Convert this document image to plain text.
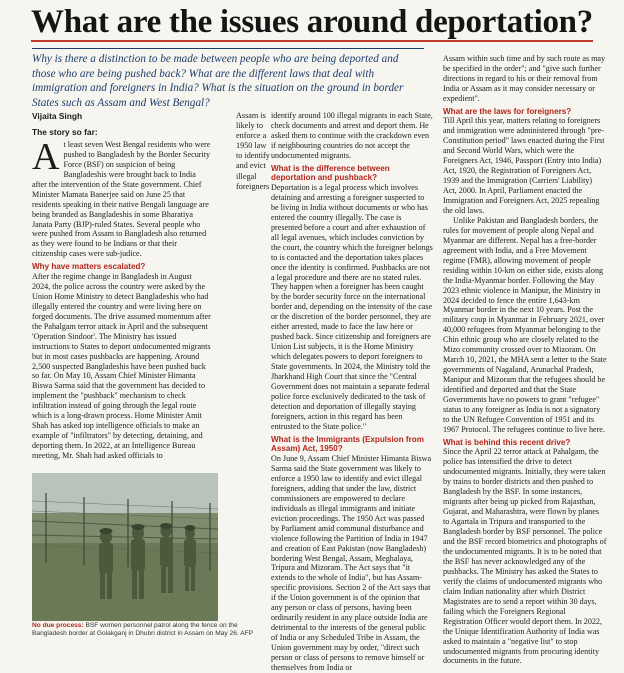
What are the issues around deportation?
Why is there a distinction to be made between people who are being deported and those who are being pushed back? What are the different laws that deal with immigration and foreigners in India? What is the situation on the ground in border States such as Assam and West Bengal?
Vijaita Singh
The story so far:

At least seven West Bengal residents who were pushed to Bangladesh by the Border Security Force (BSF) on suspicion of being Bangladeshis were brought back to India after the intervention of the State government. Chief Minister Mamata Banerjee said on June 25 that residents speaking in their native Bengali language are being branded as Bangladeshis in some Bharatiya Janata Party (BJP)-ruled States. Several people who were pushed from Assam to Bangladesh also returned as they were found to be Indians or that their citizenship cases were sub-judice.

Why have matters escalated?

After the regime change in Bangladesh in August 2024, the police across the country were asked by the Union Home Ministry to detect Bangladeshis who had illegally entered the country and were living here on forged documents. The drive assumed momentum after the Pahalgam terror attack in April and the subsequent 'Operation Sindoor'. The Ministry has issued instructions to States to deport undocumented migrants but in most cases pushbacks are happening. Around 2,500 suspected Bangladeshis have been pushed back so far. On May 10, Assam Chief Minister Himanta Biswa Sarma said that the government has decided to implement the "pushback" mechanism to check infiltration instead of going through the legal route which is a long-drawn process. Home Minister Amit Shah has asked top intelligence officials to make an example of "infiltrators" by detecting, detaining, and deporting them. In 2022, at an Intelligence Bureau meeting, Mr. Shah had asked officials to

Assam is likely to enforce a 1950 law to identify and evict illegal foreigners

identify around 100 illegal migrants in each State, check documents and arrest and deport them. He asked them to continue with the crackdown even if neighbouring countries do not accept the undocumented migrants.

What is the difference between deportation and pushback?

Deportation is a legal process which involves detaining and arresting a foreigner suspected to be living in India without documents or who has entered the country illegally. The case is presented before a court and after exhaustion of all legal avenues, which includes conviction by the court, the country which the foreigner belongs to is contacted and the deportation takes places once the identity is confirmed. Pushbacks are not a legal procedure and there are no stated rules. They happen when a foreigner has been caught by the border security force on the international border and, depending on the intensity of the case or the discretion of the border personnel, they are either arrested, made to face the law here or pushed back. Since citizenship and foreigners are Union List subjects, it is the Home Ministry which delegates powers to deport foreigners to State governments. In 2024, the Ministry told the Jharkhand High Court that since the "Central Government does not maintain a separate federal police force exclusively dedicated to the task of detection and deportation of illegally staying foreigners, action in this regard has been entrusted to the State police."

What is the Immigrants (Expulsion from Assam) Act, 1950?

On June 9, Assam Chief Minister Himanta Biswa Sarma said the State government was likely to enforce a 1950 law to identify and evict illegal foreigners, adding that under the law, district commissioners are empowered to declare individuals as illegal immigrants and initiate eviction proceedings. The 1950 Act was passed by Parliament amid communal disturbance and violence following the Partition of India in 1947 and creation of East Pakistan (now Bangladesh) bordering West Bengal, Assam, Meghalaya, Tripura and Mizoram. The Act says that "it extends to the whole of India", but has Assam-specific provisions. Section 2 of the Act says that if the Union government is of the opinion that any person or class of persons, having been ordinarily resident in any place outside India are detrimental to the interests of the general public of India or any Scheduled Tribe in Assam, the Union government may by order, "direct such person or class of persons to remove himself or themselves from India or

Assam within such time and by such route as may be specified in the order"; and "give such further directions in regard to his or their removal from India or Assam as it may consider necessary or expedient".

What are the laws for foreigners?

Till April this year, matters relating to foreigners and immigration were administered through "pre-Constitution period" laws enacted during the First and Second World Wars, which were the Foreigners Act, 1946, Passport (Entry into India) Act, 1920, the Registration of Foreigners Act, 1939 and the Immigration (Carriers' Liability) Act, 2000. In April, Parliament enacted the Immigration and Foreigners Act, 2025 repealing the old laws.

Unlike Pakistan and Bangladesh borders, the rules for movement of people along Nepal and Myanmar are different. Nepal has a free-border agreement with India, and a Free Movement regime (FMR), allowing movement of people residing within 10-km on either side, exists along the India-Myanmar border. Following the May 2023 ethnic violence in Manipur, the Ministry in 2024 decided to fence the entire 1,643-km Myanmar border in the next 10 years. Post the military coup in Myanmar in February 2021, over 40,000 refugees from Myanmar belonging to the Chin ethnic group who are closely related to the Mizo community crossed over to Mizoram. On March 10, 2021, the MHA sent a letter to the State governments of Nagaland, Arunachal Pradesh, Manipur and Mizoram that the refugees should be identified and deported and that the State Governments have no powers to grant "refugee" status to any foreigner as India is not a signatory to the UN Refugee Convention of 1951 and its 1967 Protocol. The refugees continue to live here.

What is behind this recent drive?

Since the April 22 terror attack at Pahalgam, the police has intensified the drive to detect undocumented migrants. Initially, they were taken by trains to border districts and then pushed to Bangladesh by the BSF. In some instances, migrants after being up picked from Rajasthan, Gujarat, and Maharashtra, were flown by planes to Agartala in Tripura and transported to the Bangladesh border by BSF personnel. The police and the BSF record biometrics and photographs of the undocumented migrants. It is to be noted that the BSF has never acknowledged any of the pushbacks. The Ministry has asked the States to verify the claims of undocumented migrants who claim Indian nationality after which District Magistrates are to send a report within 30 days, failing which the Foreigners Regional Registration Officer would deport them. In 2022, the Unique Identification Authority of India was asked to maintain a "negative list" to stop undocumented migrants from procuring identity documents in the future.

No due process: BSF women personnel patrol along the fence on the Bangladesh border at Golakganj in Dhubri district in Assam on May 26. AFP
